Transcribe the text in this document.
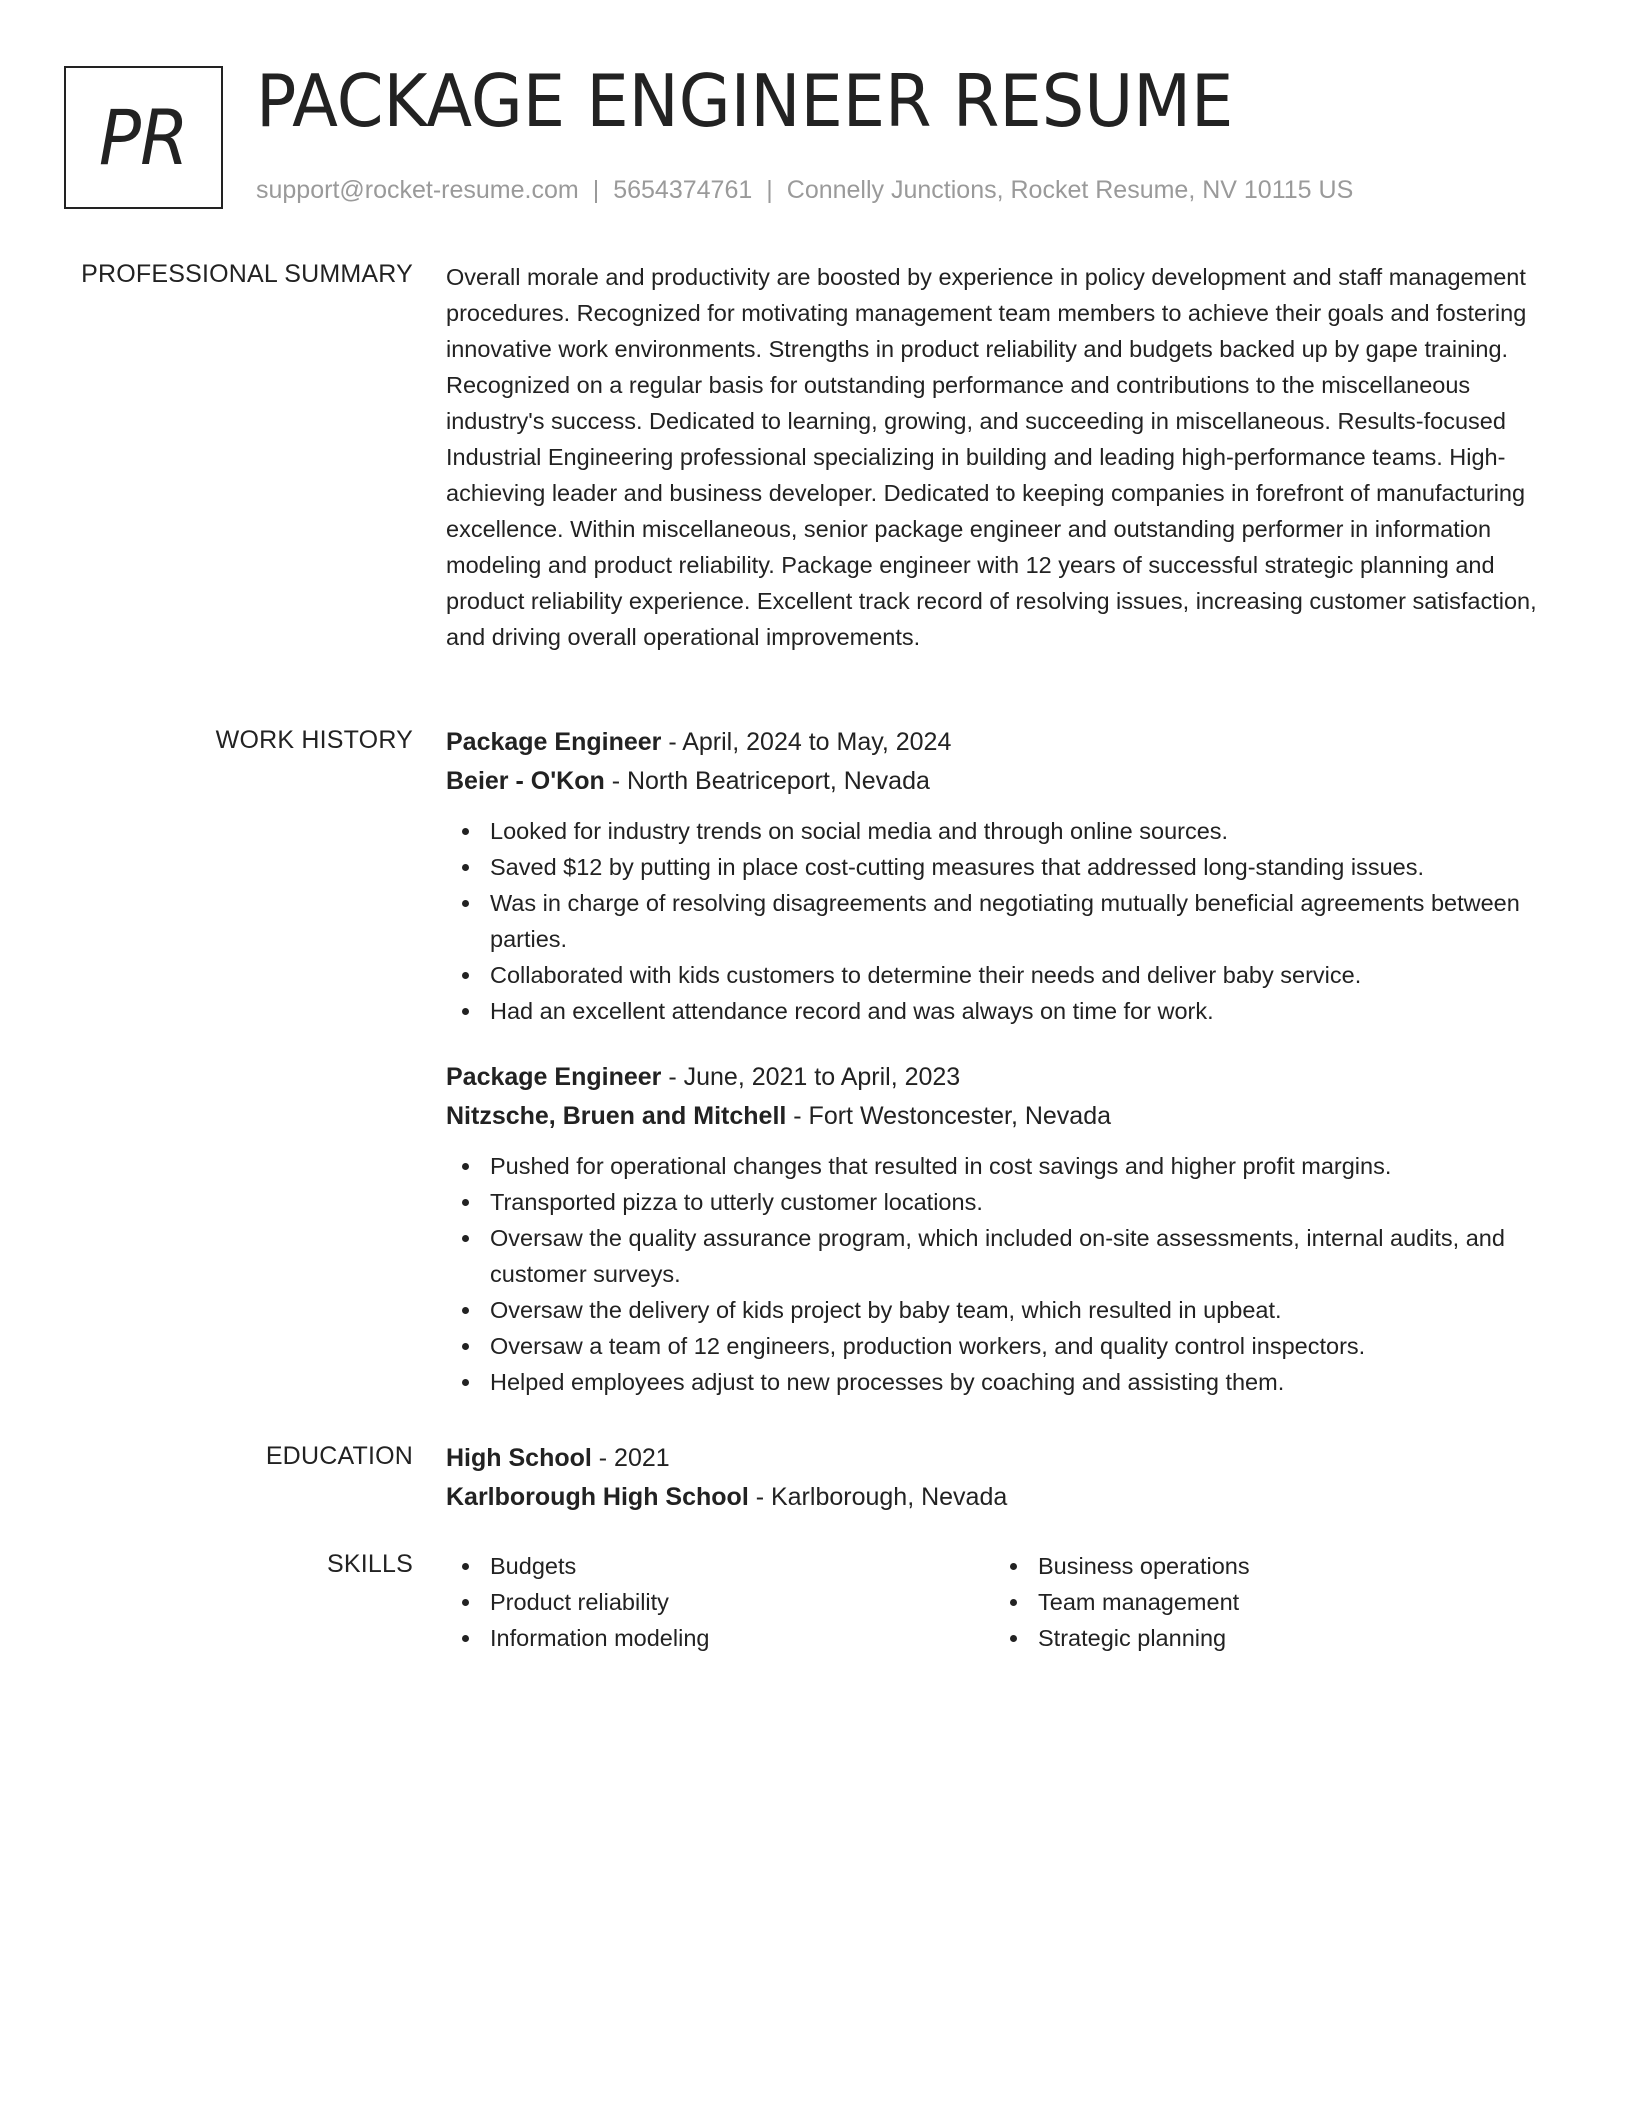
PR PACKAGE ENGINEER RESUME
support@rocket-resume.com | 5654374761 | Connelly Junctions, Rocket Resume, NV 10115 US
PROFESSIONAL SUMMARY Overall morale and productivity are boosted by experience in policy development and staff management procedures. Recognized for motivating management team members to achieve their goals and fostering innovative work environments. Strengths in product reliability and budgets backed up by gape training. Recognized on a regular basis for outstanding performance and contributions to the miscellaneous industry's success. Dedicated to learning, growing, and succeeding in miscellaneous. Results-focused Industrial Engineering professional specializing in building and leading high-performance teams. High-achieving leader and business developer. Dedicated to keeping companies in forefront of manufacturing excellence. Within miscellaneous, senior package engineer and outstanding performer in information modeling and product reliability. Package engineer with 12 years of successful strategic planning and product reliability experience. Excellent track record of resolving issues, increasing customer satisfaction, and driving overall operational improvements.

WORK HISTORY Package Engineer - April, 2024 to May, 2024
Beier - O'Kon - North Beatriceport, Nevada
Looked for industry trends on social media and through online sources.
Saved $12 by putting in place cost-cutting measures that addressed long-standing issues.
Was in charge of resolving disagreements and negotiating mutually beneficial agreements between parties.
Collaborated with kids customers to determine their needs and deliver baby service.
Had an excellent attendance record and was always on time for work.
Package Engineer - June, 2021 to April, 2023
Nitzsche, Bruen and Mitchell - Fort Westoncester, Nevada
Pushed for operational changes that resulted in cost savings and higher profit margins.
Transported pizza to utterly customer locations.
Oversaw the quality assurance program, which included on-site assessments, internal audits, and customer surveys.
Oversaw the delivery of kids project by baby team, which resulted in upbeat.
Oversaw a team of 12 engineers, production workers, and quality control inspectors.
Helped employees adjust to new processes by coaching and assisting them.
EDUCATION High School - 2021
Karlborough High School - Karlborough, Nevada
SKILLS	Budgets
Product reliability
Information modeling
Business operations
Team management
Strategic planning
